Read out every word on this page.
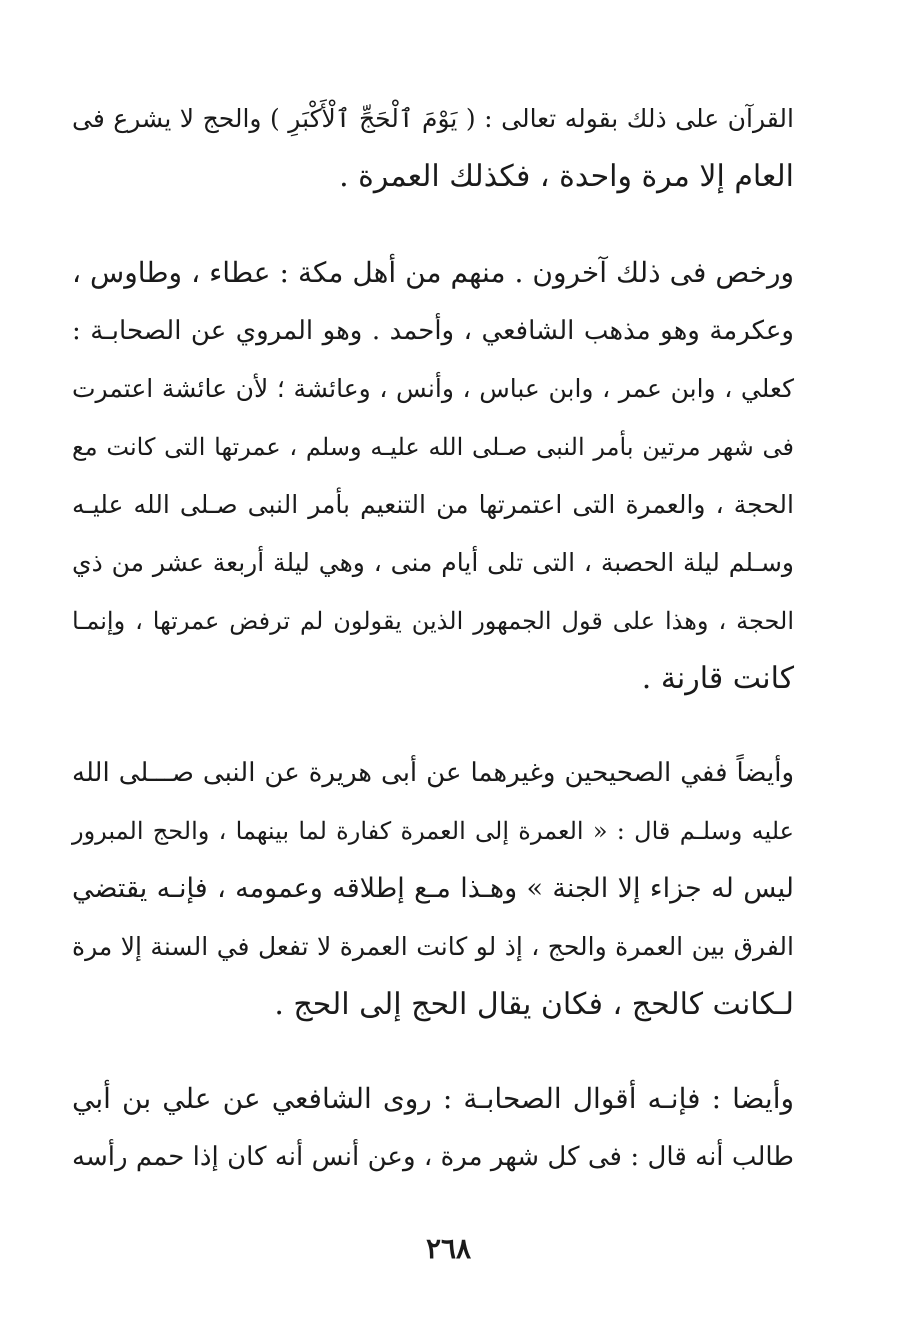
القرآن على ذلك بقوله تعالى : ( يَوْمَ ٱلْحَجِّ ٱلْأَكْبَرِ ) والحج لا يشرع فى
العام إلا مرة واحدة ، فكذلك العمرة .

ورخص فى ذلك آخرون . منهم من أهل مكة : عطاء ، وطاوس ،
وعكرمة وهو مذهب الشافعي ، وأحمد . وهو المروي عن الصحابـة :
كعلي ، وابن عمر ، وابن عباس ، وأنس ، وعائشة ؛ لأن عائشة اعتمرت
فى شهر مرتين بأمر النبى صـلى الله عليـه وسلم ، عمرتها التى كانت مع
الحجة ، والعمرة التى اعتمرتها من التنعيم بأمر النبى صـلى الله عليـه
وسـلم ليلة الحصبة ، التى تلى أيام منى ، وهي ليلة أربعة عشر من ذي
الحجة ، وهذا على قول الجمهور الذين يقولون لم ترفض عمرتها ، وإنمـا
كانت قارنة .

وأيضاً ففي الصحيحين وغيرهما عن أبى هريرة عن النبى صـــلى الله
عليه وسلـم قال : « العمرة إلى العمرة كفارة لما بينهما ، والحج المبرور
ليس له جزاء إلا الجنة » وهـذا مـع إطلاقه وعمومه ، فإنـه يقتضي
الفرق بين العمرة والحج ، إذ لو كانت العمرة لا تفعل في السنة إلا مرة
لـكانت كالحج ، فكان يقال الحج إلى الحج .

وأيضا : فإنـه أقوال الصحابـة : روى الشافعي عن علي بن أبي
طالب أنه قال : فى كل شهر مرة ، وعن أنس أنه كان إذا حمم رأسه

٢٦٨
